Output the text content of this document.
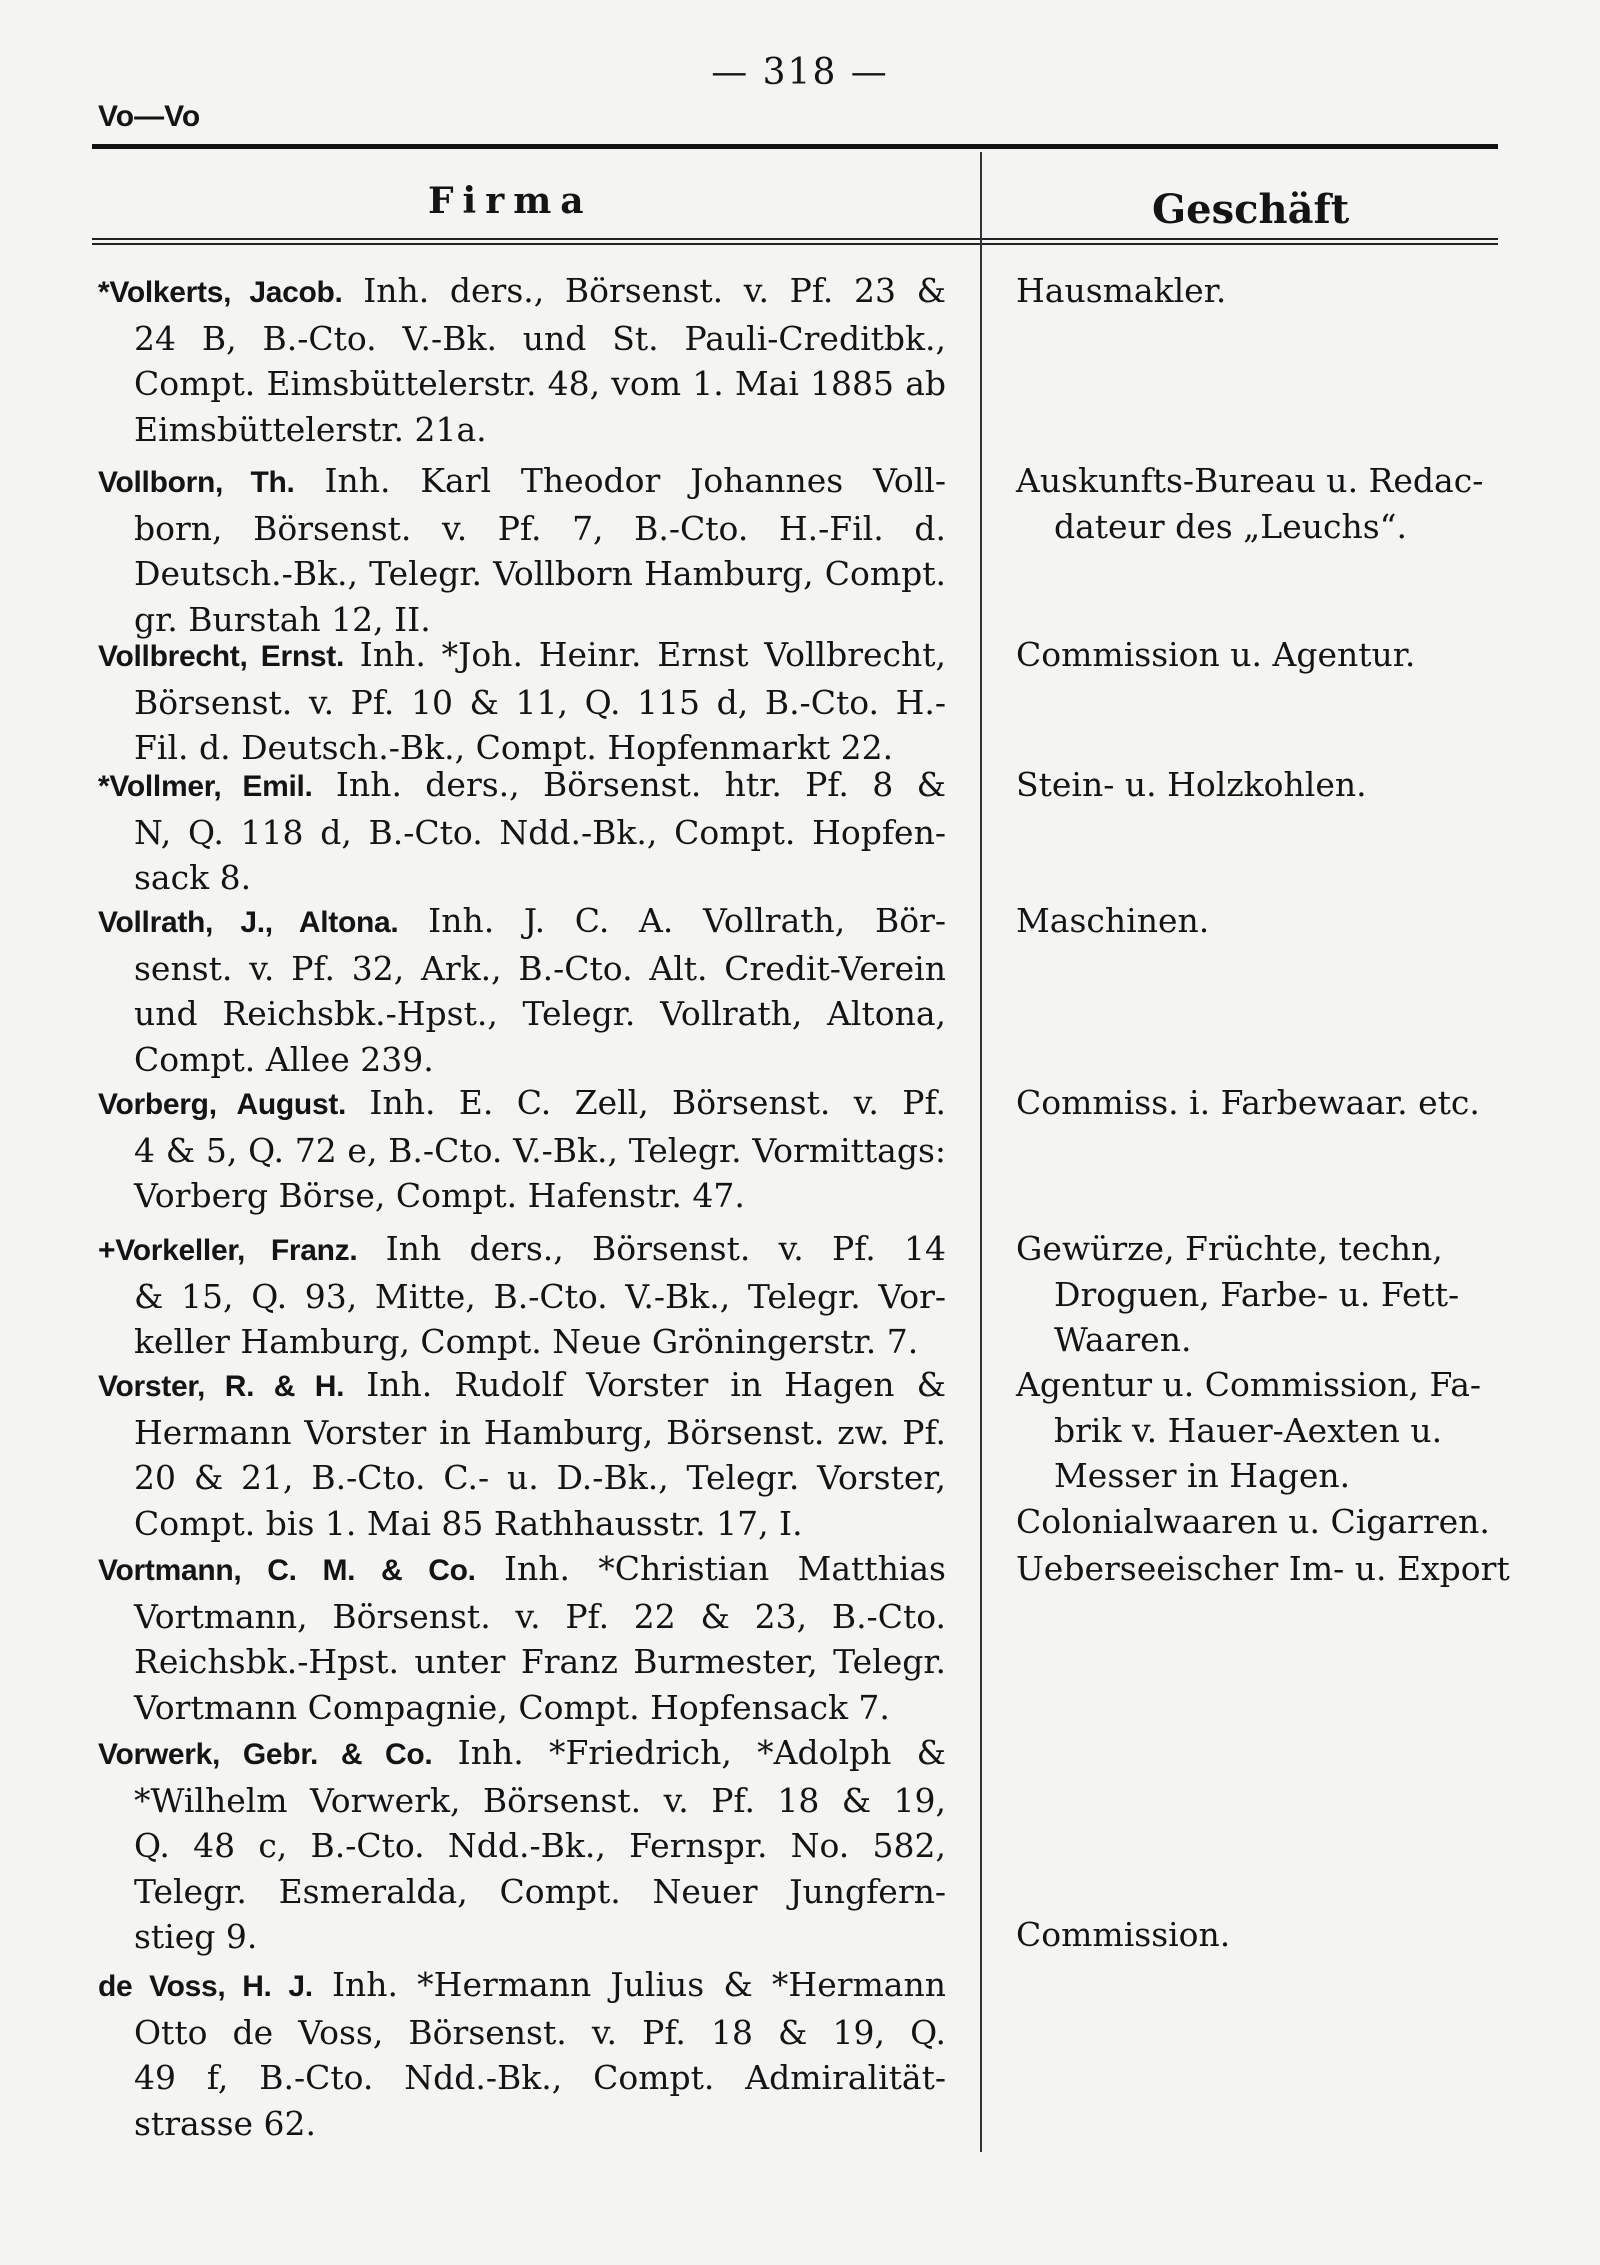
— 318 —
Vo—Vo
Firma	Geschäft
*Volkerts, Jacob. Inh. ders., Börsenst. v. Pf. 23 &
24 B, B.-Cto. V.-Bk. und St. Pauli-Creditbk.,
Compt. Eimsbüttelerstr. 48, vom 1. Mai 1885 ab
Eimsbüttelerstr. 21a.
Hausmakler.
Vollborn, Th. Inh. Karl Theodor Johannes Voll-
born, Börsenst. v. Pf. 7, B.-Cto. H.-Fil. d.
Deutsch.-Bk., Telegr. Vollborn Hamburg, Compt.
gr. Burstah 12, II.
Auskunfts-Bureau u. Redac-
dateur des „Leuchs“.
Vollbrecht, Ernst. Inh. *Joh. Heinr. Ernst Vollbrecht,
Börsenst. v. Pf. 10 & 11, Q. 115 d, B.-Cto. H.-
Fil. d. Deutsch.-Bk., Compt. Hopfenmarkt 22.
Commission u. Agentur.
*Vollmer, Emil. Inh. ders., Börsenst. htr. Pf. 8 &
N, Q. 118 d, B.-Cto. Ndd.-Bk., Compt. Hopfen-
sack 8.
Stein- u. Holzkohlen.
Vollrath, J., Altona. Inh. J. C. A. Vollrath, Bör-
senst. v. Pf. 32, Ark., B.-Cto. Alt. Credit-Verein
und Reichsbk.-Hpst., Telegr. Vollrath, Altona,
Compt. Allee 239.
Maschinen.
Vorberg, August. Inh. E. C. Zell, Börsenst. v. Pf.
4 & 5, Q. 72 e, B.-Cto. V.-Bk., Telegr. Vormittags:
Vorberg Börse, Compt. Hafenstr. 47.
Commiss. i. Farbewaar. etc.
+Vorkeller, Franz. Inh ders., Börsenst. v. Pf. 14
& 15, Q. 93, Mitte, B.-Cto. V.-Bk., Telegr. Vor-
keller Hamburg, Compt. Neue Gröningerstr. 7.
Gewürze, Früchte, techn,
Droguen, Farbe- u. Fett-
Waaren.
Vorster, R. & H. Inh. Rudolf Vorster in Hagen &
Hermann Vorster in Hamburg, Börsenst. zw. Pf.
20 & 21, B.-Cto. C.- u. D.-Bk., Telegr. Vorster,
Compt. bis 1. Mai 85 Rathhausstr. 17, I.
Agentur u. Commission, Fa-
brik v. Hauer-Aexten u.
Messer in Hagen.
Colonialwaaren u. Cigarren.
Vortmann, C. M. & Co. Inh. *Christian Matthias
Vortmann, Börsenst. v. Pf. 22 & 23, B.-Cto.
Reichsbk.-Hpst. unter Franz Burmester, Telegr.
Vortmann Compagnie, Compt. Hopfensack 7.
Ueberseeischer Im- u. Export
Vorwerk, Gebr. & Co. Inh. *Friedrich, *Adolph &
*Wilhelm Vorwerk, Börsenst. v. Pf. 18 & 19,
Q. 48 c, B.-Cto. Ndd.-Bk., Fernspr. No. 582,
Telegr. Esmeralda, Compt. Neuer Jungfern-
stieg 9.	Commission.
de Voss, H. J. Inh. *Hermann Julius & *Hermann
Otto de Voss, Börsenst. v. Pf. 18 & 19, Q.
49 f, B.-Cto. Ndd.-Bk., Compt. Admiralität-
strasse 62.
